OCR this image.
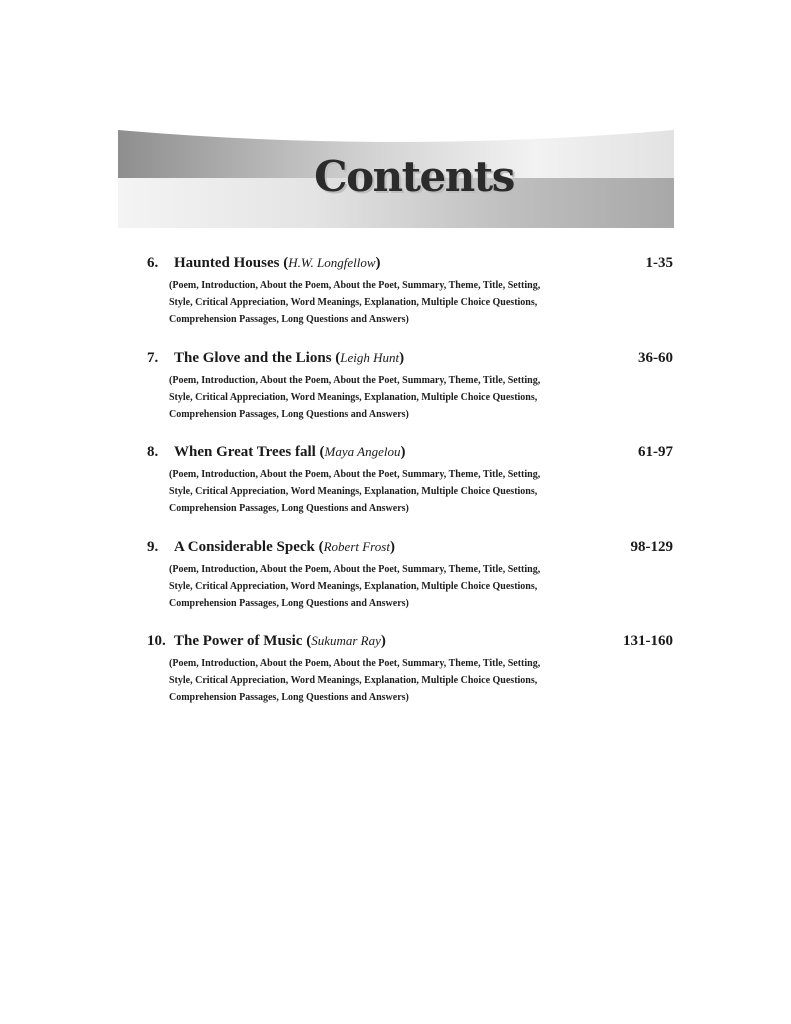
Contents
6. Haunted Houses (H.W. Longfellow)	1-35
(Poem, Introduction, About the Poem, About the Poet, Summary, Theme, Title, Setting,
Style, Critical Appreciation, Word Meanings, Explanation, Multiple Choice Questions,
Comprehension Passages, Long Questions and Answers)
7. The Glove and the Lions (Leigh Hunt)	36-60
(Poem, Introduction, About the Poem, About the Poet, Summary, Theme, Title, Setting,
Style, Critical Appreciation, Word Meanings, Explanation, Multiple Choice Questions,
Comprehension Passages, Long Questions and Answers)
8. When Great Trees fall (Maya Angelou)	61-97
(Poem, Introduction, About the Poem, About the Poet, Summary, Theme, Title, Setting,
Style, Critical Appreciation, Word Meanings, Explanation, Multiple Choice Questions,
Comprehension Passages, Long Questions and Answers)
9. A Considerable Speck (Robert Frost)	98-129
(Poem, Introduction, About the Poem, About the Poet, Summary, Theme, Title, Setting,
Style, Critical Appreciation, Word Meanings, Explanation, Multiple Choice Questions,
Comprehension Passages, Long Questions and Answers)
10. The Power of Music (Sukumar Ray)	131-160
(Poem, Introduction, About the Poem, About the Poet, Summary, Theme, Title, Setting,
Style, Critical Appreciation, Word Meanings, Explanation, Multiple Choice Questions,
Comprehension Passages, Long Questions and Answers)
